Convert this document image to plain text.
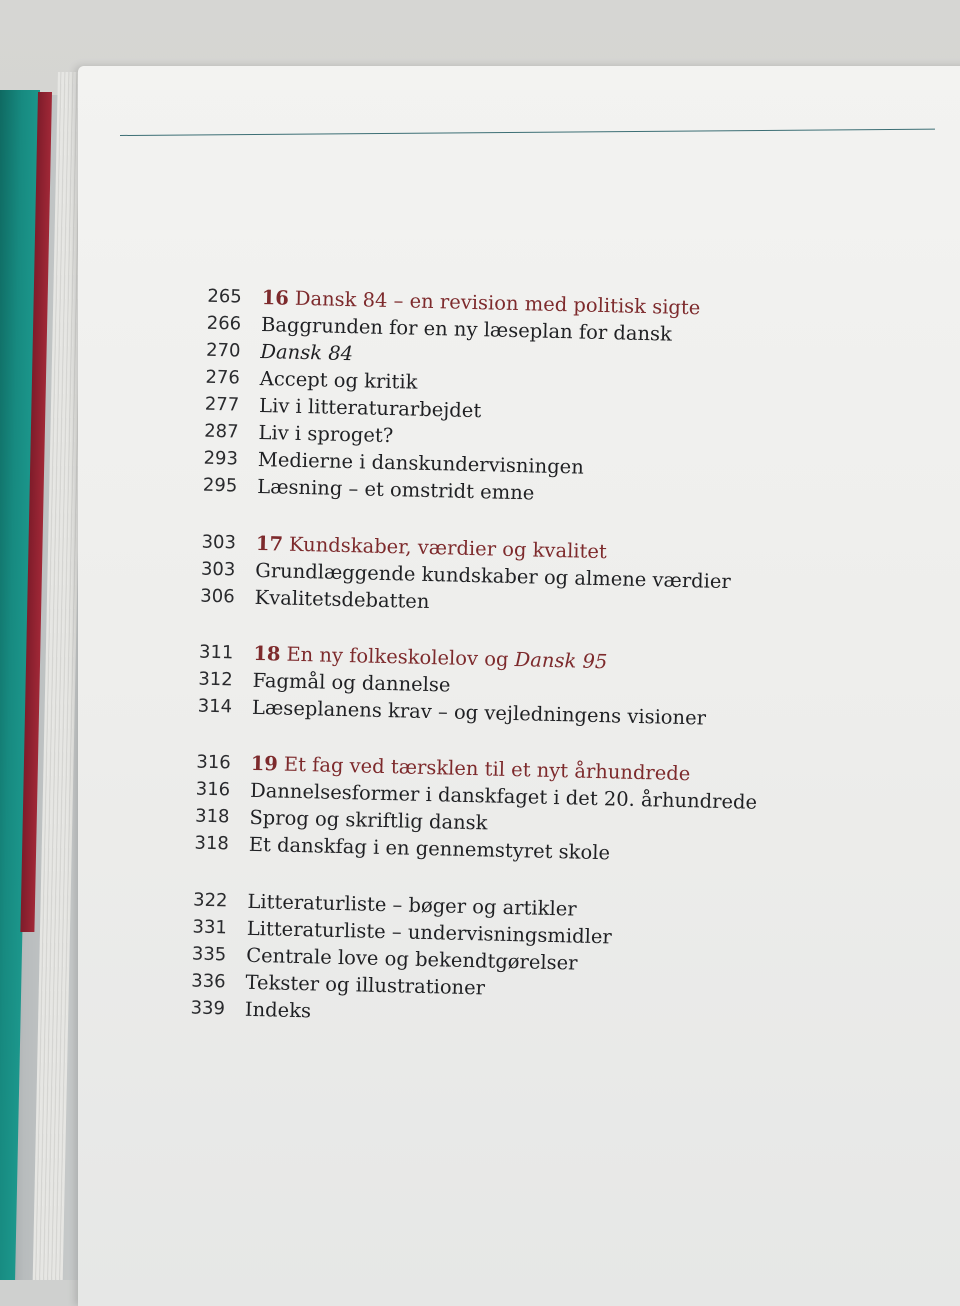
265 16 Dansk 84 – en revision med politisk sigte
266 Baggrunden for en ny læseplan for dansk
270 Dansk 84
276 Accept og kritik
277 Liv i litteraturarbejdet
287 Liv i sproget?
293 Medierne i danskundervisningen
295 Læsning – et omstridt emne
303 17 Kundskaber, værdier og kvalitet
303 Grundlæggende kundskaber og almene værdier
306 Kvalitetsdebatten
311 18 En ny folkeskolelov og Dansk 95
312 Fagmål og dannelse
314 Læseplanens krav – og vejledningens visioner
316 19 Et fag ved tærsklen til et nyt århundrede
316 Dannelsesformer i danskfaget i det 20. århundrede
318 Sprog og skriftlig dansk
318 Et danskfag i en gennemstyret skole
322 Litteraturliste – bøger og artikler
331 Litteraturliste – undervisningsmidler
335 Centrale love og bekendtgørelser
336 Tekster og illustrationer
339 Indeks
